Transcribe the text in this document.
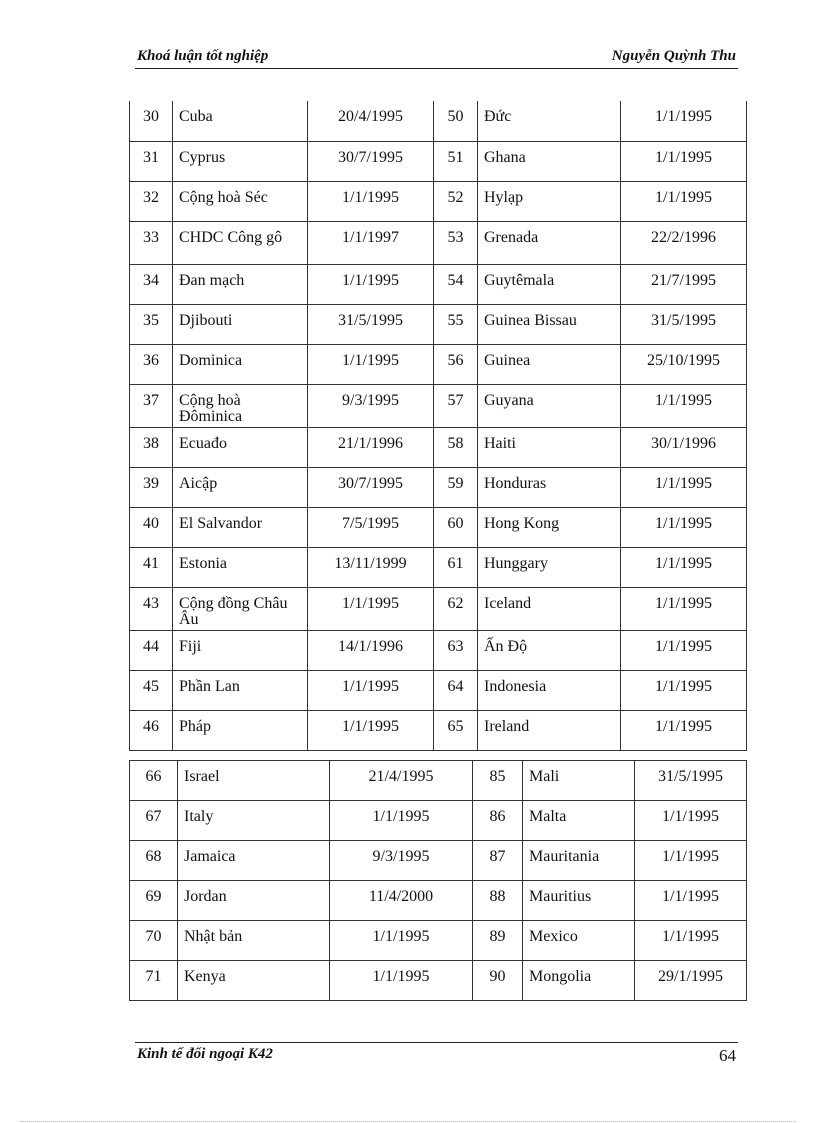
Khoá luận tốt nghiệp	Nguyễn Quỳnh Thu
30	Cuba	20/4/1995	50	Đức	1/1/1995
31	Cyprus	30/7/1995	51	Ghana	1/1/1995
32	Cộng hoà Séc	1/1/1995	52	Hylạp	1/1/1995
33	CHDC Công gô	1/1/1997	53	Grenada	22/2/1996
34	Đan mạch	1/1/1995	54	Guytêmala	21/7/1995
35	Djibouti	31/5/1995	55	Guinea Bissau	31/5/1995
36	Dominica	1/1/1995	56	Guinea	25/10/1995
37	Cộng hoà Đôminica	9/3/1995	57	Guyana	1/1/1995
38	Ecuađo	21/1/1996	58	Haiti	30/1/1996
39	Aicập	30/7/1995	59	Honduras	1/1/1995
40	El Salvandor	7/5/1995	60	Hong Kong	1/1/1995
41	Estonia	13/11/1999	61	Hunggary	1/1/1995
43	Cộng đồng Châu Âu	1/1/1995	62	Iceland	1/1/1995
44	Fiji	14/1/1996	63	Ấn Độ	1/1/1995
45	Phần Lan	1/1/1995	64	Indonesia	1/1/1995
46	Pháp	1/1/1995	65	Ireland	1/1/1995
66	Israel	21/4/1995	85	Mali	31/5/1995
67	Italy	1/1/1995	86	Malta	1/1/1995
68	Jamaica	9/3/1995	87	Mauritania	1/1/1995
69	Jordan	11/4/2000	88	Mauritius	1/1/1995
70	Nhật bản	1/1/1995	89	Mexico	1/1/1995
71	Kenya	1/1/1995	90	Mongolia	29/1/1995
Kinh tế đối ngoại K42	64
